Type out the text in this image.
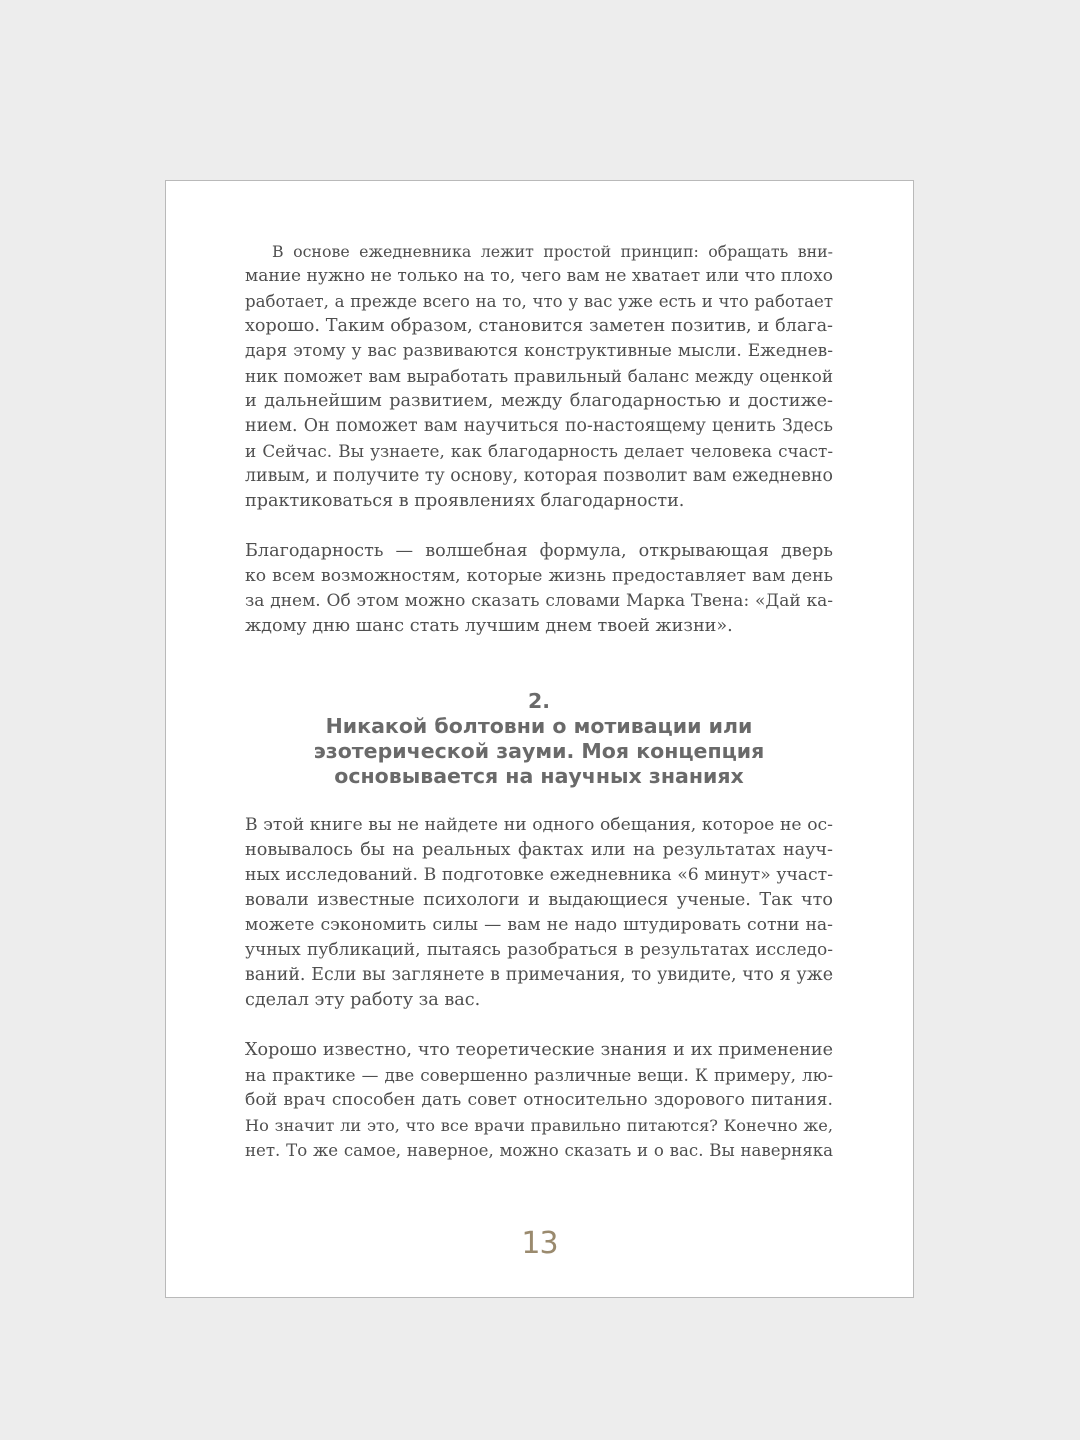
В основе ежедневника лежит простой принцип: обращать вни-
мание нужно не только на то, чего вам не хватает или что плохо
работает, а прежде всего на то, что у вас уже есть и что работает
хорошо. Таким образом, становится заметен позитив, и блага-
даря этому у вас развиваются конструктивные мысли. Ежеднев-
ник поможет вам выработать правильный баланс между оценкой
и дальнейшим развитием, между благодарностью и достиже-
нием. Он поможет вам научиться по-настоящему ценить Здесь
и Сейчас. Вы узнаете, как благодарность делает человека счаст-
ливым, и получите ту основу, которая позволит вам ежедневно
практиковаться в проявлениях благодарности.

Благодарность — волшебная формула, открывающая дверь
ко всем возможностям, которые жизнь предоставляет вам день
за днем. Об этом можно сказать словами Марка Твена: «Дай ка-
ждому дню шанс стать лучшим днем твоей жизни».

2.
Никакой болтовни о мотивации или
эзотерической зауми. Моя концепция
основывается на научных знаниях

В этой книге вы не найдете ни одного обещания, которое не ос-
новывалось бы на реальных фактах или на результатах науч-
ных исследований. В подготовке ежедневника «6 минут» участ-
вовали известные психологи и выдающиеся ученые. Так что
можете сэкономить силы — вам не надо штудировать сотни на-
учных публикаций, пытаясь разобраться в результатах исследо-
ваний. Если вы заглянете в примечания, то увидите, что я уже
сделал эту работу за вас.

Хорошо известно, что теоретические знания и их применение
на практике — две совершенно различные вещи. К примеру, лю-
бой врач способен дать совет относительно здорового питания.
Но значит ли это, что все врачи правильно питаются? Конечно же,
нет. То же самое, наверное, можно сказать и о вас. Вы наверняка

13
